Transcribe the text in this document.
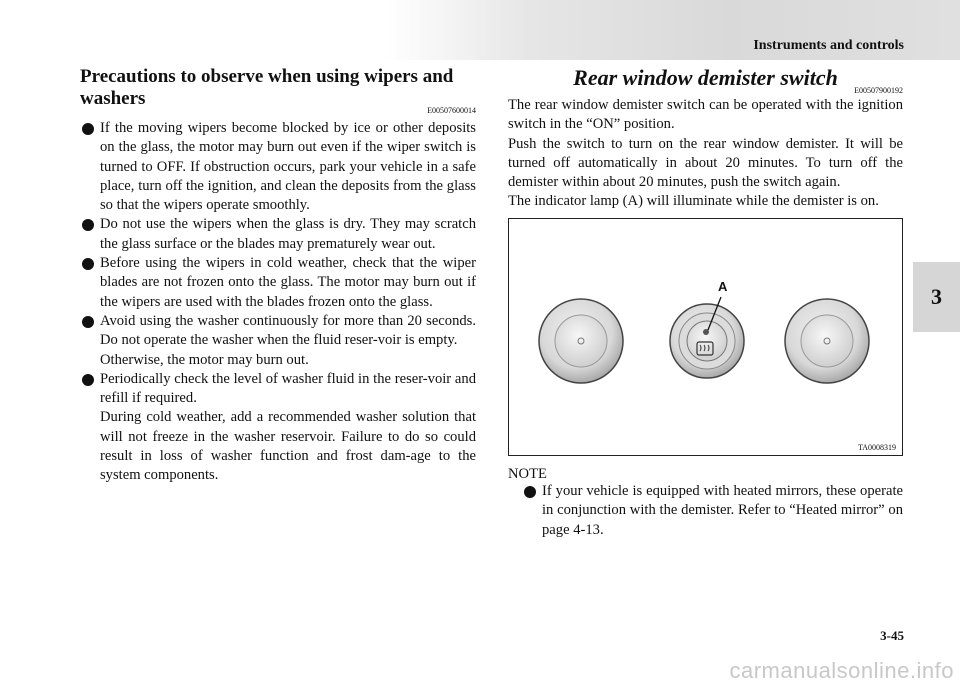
Instruments and controls
3
Precautions to observe when using wipers and washers
E00507600014

If the moving wipers become blocked by ice or other deposits on the glass, the motor may burn out even if the wiper switch is turned to OFF. If obstruction occurs, park your vehicle in a safe place, turn off the ignition, and clean the deposits from the glass so that the wipers operate smoothly.

Do not use the wipers when the glass is dry. They may scratch the glass surface or the blades may prematurely wear out.

Before using the wipers in cold weather, check that the wiper blades are not frozen onto the glass. The motor may burn out if the wipers are used with the blades frozen onto the glass.

Avoid using the washer continuously for more than 20 seconds. Do not operate the washer when the fluid reser-voir is empty.

Otherwise, the motor may burn out.

Periodically check the level of washer fluid in the reser-voir and refill if required.

During cold weather, add a recommended washer solution that will not freeze in the washer reservoir. Failure to do so could result in loss of washer function and frost dam-age to the system components.

Rear window demister switch
E00507900192

The rear window demister switch can be operated with the ignition switch in the “ON” position.

Push the switch to turn on the rear window demister. It will be turned off automatically in about 20 minutes. To turn off the demister within about 20 minutes, push the switch again.

The indicator lamp (A) will illuminate while the demister is on.

A
TA0008319
NOTE

If your vehicle is equipped with heated mirrors, these operate in conjunction with the demister. Refer to “Heated mirror” on page 4-13.

3-45
carmanualsonline.info
